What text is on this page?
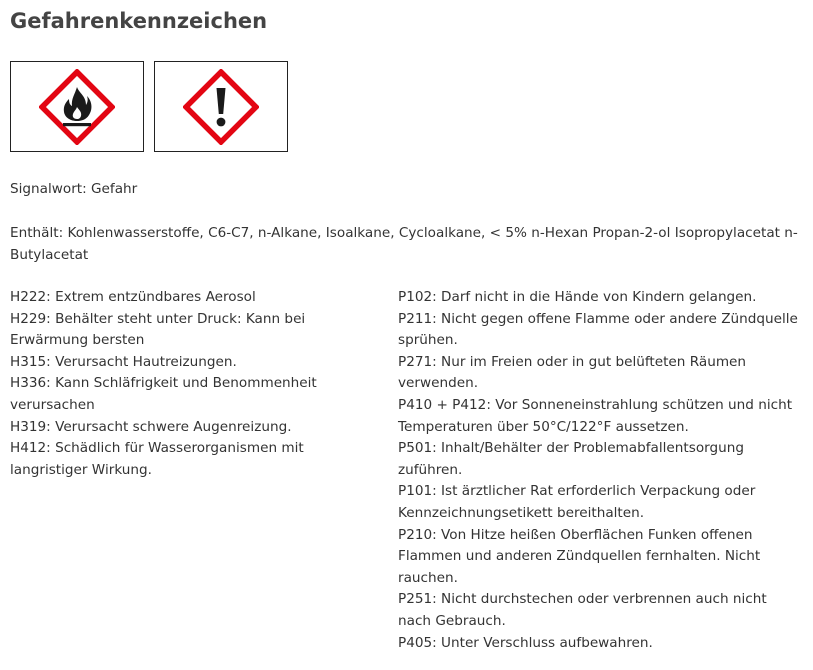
Gefahrenkennzeichen

Signalwort: Gefahr

Enthält: Kohlenwasserstoffe, C6-C7, n-Alkane, Isoalkane, Cycloalkane, < 5% n-Hexan Propan-2-ol Isopropylacetat n-Butylacetat

H222: Extrem entzündbares Aerosol
H229: Behälter steht unter Druck: Kann bei Erwärmung bersten
H315: Verursacht Hautreizungen.
H336: Kann Schläfrigkeit und Benommenheit verursachen
H319: Verursacht schwere Augenreizung.
H412: Schädlich für Wasserorganismen mit langristiger Wirkung.
P102: Darf nicht in die Hände von Kindern gelangen.
P211: Nicht gegen offene Flamme oder andere Zündquelle sprühen.
P271: Nur im Freien oder in gut belüfteten Räumen verwenden.
P410 + P412: Vor Sonneneinstrahlung schützen und nicht Temperaturen über 50°C/122°F aussetzen.
P501: Inhalt/Behälter der Problemabfallentsorgung zuführen.
P101: Ist ärztlicher Rat erforderlich Verpackung oder Kennzeichnungsetikett bereithalten.
P210: Von Hitze heißen Oberflächen Funken offenen Flammen und anderen Zündquellen fernhalten. Nicht rauchen.
P251: Nicht durchstechen oder verbrennen auch nicht nach Gebrauch.
P405: Unter Verschluss aufbewahren.
